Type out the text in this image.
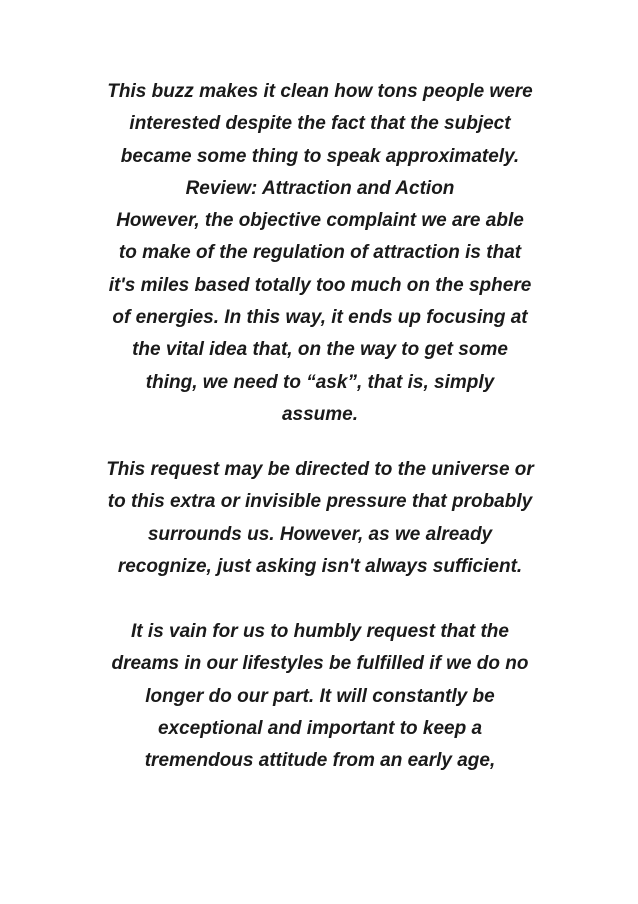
This buzz makes it clean how tons people were
interested despite the fact that the subject
became some thing to speak approximately.
Review: Attraction and Action
However, the objective complaint we are able
to make of the regulation of attraction is that
it's miles based totally too much on the sphere
of energies. In this way, it ends up focusing at
the vital idea that, on the way to get some
thing, we need to “ask”, that is, simply
assume.

This request may be directed to the universe or
to this extra or invisible pressure that probably
surrounds us. However, as we already
recognize, just asking isn't always sufficient.

It is vain for us to humbly request that the
dreams in our lifestyles be fulfilled if we do no
longer do our part. It will constantly be
exceptional and important to keep a
tremendous attitude from an early age,
